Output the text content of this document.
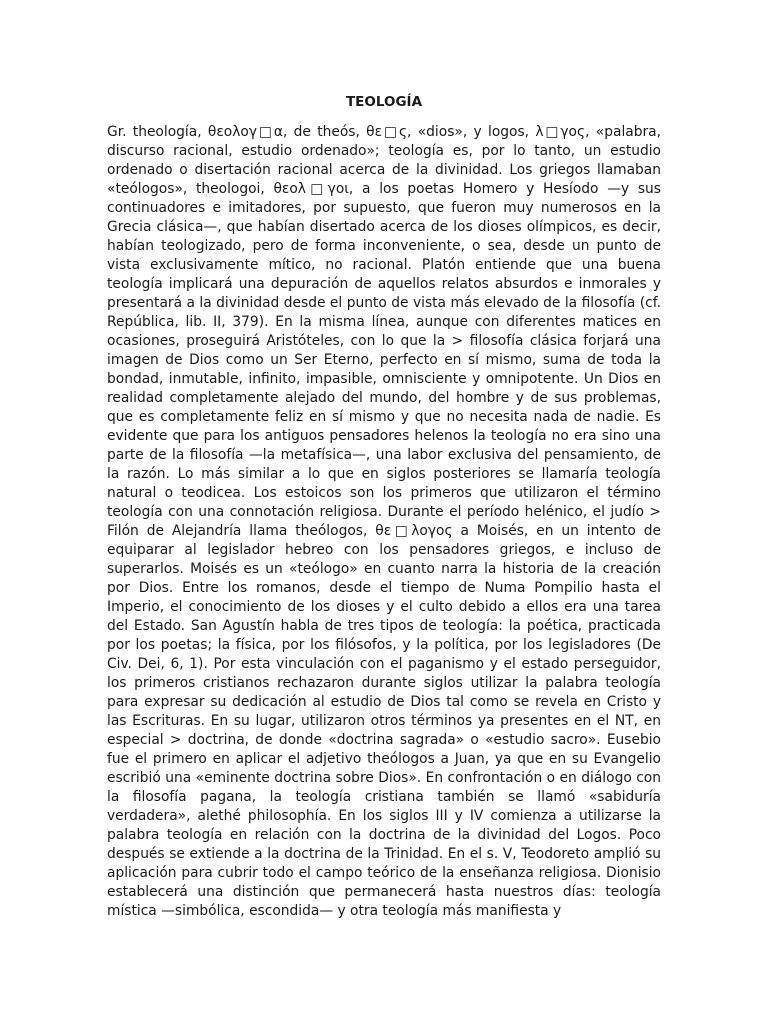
TEOLOGÍA

Gr. theología, θεολογ□α, de theós, θε□ς, «dios», y logos, λ□γος, «palabra, discurso racional, estudio ordenado»; teología es, por lo tanto, un estudio ordenado o disertación racional acerca de la divinidad. Los griegos llamaban «teólogos», theologoi, θεολ□γοι, a los poetas Homero y Hesíodo —y sus continuadores e imitadores, por supuesto, que fueron muy numerosos en la Grecia clásica—, que habían disertado acerca de los dioses olímpicos, es decir, habían teologizado, pero de forma inconveniente, o sea, desde un punto de vista exclusivamente mítico, no racional. Platón entiende que una buena teología implicará una depuración de aquellos relatos absurdos e inmorales y presentará a la divinidad desde el punto de vista más elevado de la filosofía (cf. República, lib. II, 379). En la misma línea, aunque con diferentes matices en ocasiones, proseguirá Aristóteles, con lo que la > filosofía clásica forjará una imagen de Dios como un Ser Eterno, perfecto en sí mismo, suma de toda la bondad, inmutable, infinito, impasible, omnisciente y omnipotente. Un Dios en realidad completamente alejado del mundo, del hombre y de sus problemas, que es completamente feliz en sí mismo y que no necesita nada de nadie. Es evidente que para los antiguos pensadores helenos la teología no era sino una parte de la filosofía —la metafísica—, una labor exclusiva del pensamiento, de la razón. Lo más similar a lo que en siglos posteriores se llamaría teología natural o teodicea. Los estoicos son los primeros que utilizaron el término teología con una connotación religiosa. Durante el período helénico, el judío > Filón de Alejandría llama theólogos, θε□λογος a Moisés, en un intento de equiparar al legislador hebreo con los pensadores griegos, e incluso de superarlos. Moisés es un «teólogo» en cuanto narra la historia de la creación por Dios. Entre los romanos, desde el tiempo de Numa Pompilio hasta el Imperio, el conocimiento de los dioses y el culto debido a ellos era una tarea del Estado. San Agustín habla de tres tipos de teología: la poética, practicada por los poetas; la física, por los filósofos, y la política, por los legisladores (De Civ. Dei, 6, 1). Por esta vinculación con el paganismo y el estado perseguidor, los primeros cristianos rechazaron durante siglos utilizar la palabra teología para expresar su dedicación al estudio de Dios tal como se revela en Cristo y las Escrituras. En su lugar, utilizaron otros términos ya presentes en el NT, en especial > doctrina, de donde «doctrina sagrada» o «estudio sacro». Eusebio fue el primero en aplicar el adjetivo theólogos a Juan, ya que en su Evangelio escribió una «eminente doctrina sobre Dios». En confrontación o en diálogo con la filosofía pagana, la teología cristiana también se llamó «sabiduría verdadera», alethé philosophía. En los siglos III y IV comienza a utilizarse la palabra teología en relación con la doctrina de la divinidad del Logos. Poco después se extiende a la doctrina de la Trinidad. En el s. V, Teodoreto amplió su aplicación para cubrir todo el campo teórico de la enseñanza religiosa. Dionisio establecerá una distinción que permanecerá hasta nuestros días: teología mística —simbólica, escondida— y otra teología más manifiesta y
